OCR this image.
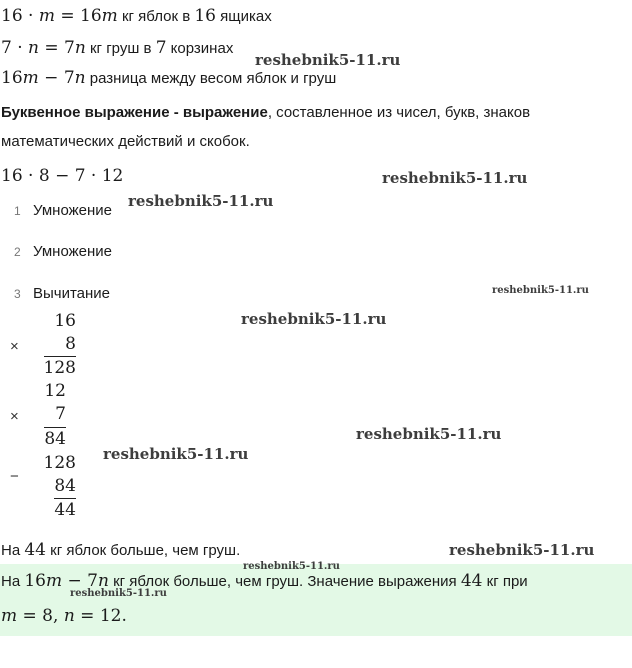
16 · m = 16m кг яблок в 16 ящиках
7 · n = 7n кг груш в 7 корзинах
16m − 7n разница между весом яблок и груш
Буквенное выражение - выражение, составленное из чисел, букв, знаков математических действий и скобок.
16 · 8 − 7 · 12
1 Умножение
2 Умножение
3 Вычитание
16
×	8
128
12
× 7
84
128
− 84
44
На 44 кг яблок больше, чем груш.
На 16m − 7n кг яблок больше, чем груш. Значение выражения 44 кг при
m = 8, n = 12.
reshebnik5-11.ru
reshebnik5-11.ru
reshebnik5-11.ru
reshebnik5-11.ru
reshebnik5-11.ru
reshebnik5-11.ru
reshebnik5-11.ru
reshebnik5-11.ru
reshebnik5-11.ru
reshebnik5-11.ru
